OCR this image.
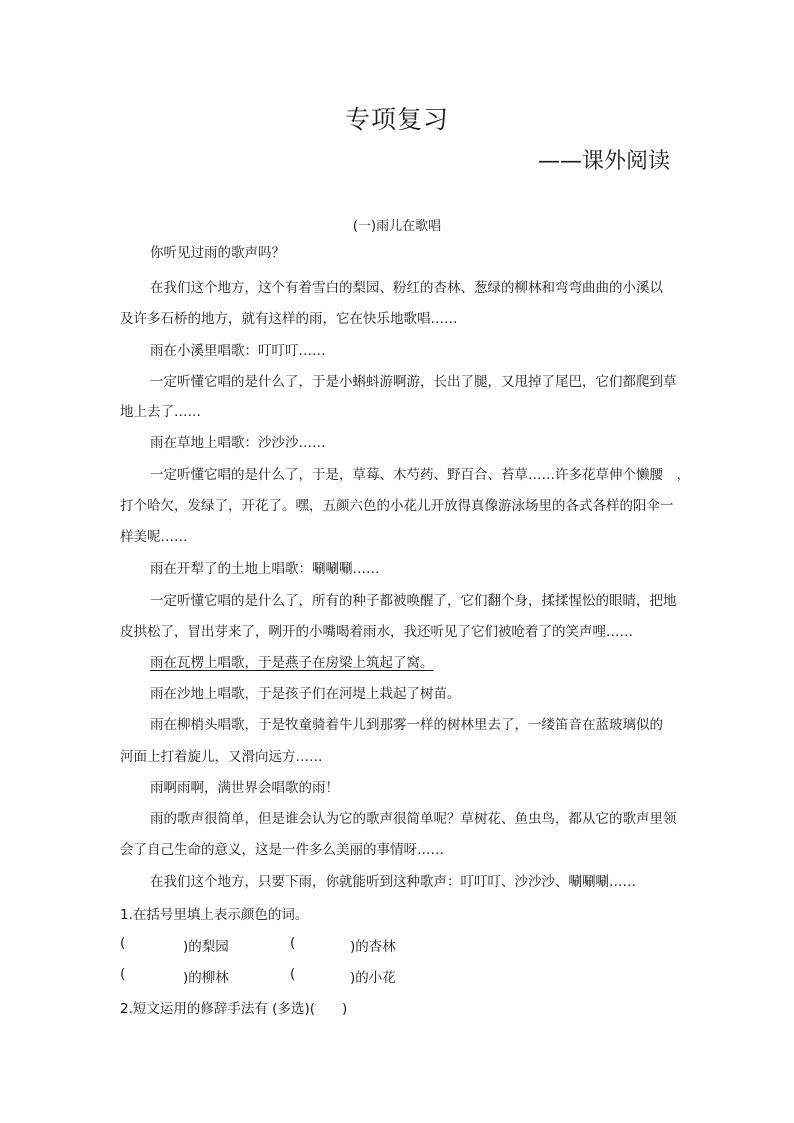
专项复习
——课外阅读
(一)雨儿在歌唱
你听见过雨的歌声吗？
在我们这个地方，这个有着雪白的梨园、粉红的杏林、葱绿的柳林和弯弯曲曲的小溪以
及许多石桥的地方，就有这样的雨，它在快乐地歌唱……
雨在小溪里唱歌：叮叮叮……
一定听懂它唱的是什么了，于是小蝌蚪游啊游，长出了腿，又甩掉了尾巴，它们都爬到草
地上去了……
雨在草地上唱歌：沙沙沙……
一定听懂它唱的是什么了，于是，草莓、木芍药、野百合、苔草……许多花草伸个懒腰　，
打个哈欠，发绿了，开花了。嘿，五颜六色的小花儿开放得真像游泳场里的各式各样的阳伞一
样美呢……
雨在开犁了的土地上唱歌：唰唰唰……
一定听懂它唱的是什么了，所有的种子都被唤醒了，它们翻个身，揉揉惺忪的眼睛，把地
皮拱松了，冒出芽来了，咧开的小嘴喝着雨水，我还听见了它们被呛着了的笑声哩……
雨在瓦楞上唱歌，于是燕子在房梁上筑起了窝。
雨在沙地上唱歌，于是孩子们在河堤上栽起了树苗。
雨在柳梢头唱歌，于是牧童骑着牛儿到那雾一样的树林里去了，一缕笛音在蓝玻璃似的
河面上打着旋儿，又滑向远方……
雨啊雨啊，满世界会唱歌的雨！
雨的歌声很简单，但是谁会认为它的歌声很简单呢？草树花、鱼虫鸟，都从它的歌声里领
会了自己生命的意义，这是一件多么美丽的事情呀……
在我们这个地方，只要下雨，你就能听到这种歌声：叮叮叮、沙沙沙、唰唰唰……
1.在括号里填上表示颜色的词。
(	)的梨园	(	)的杏林
(	)的柳林	(	)的小花
2.短文运用的修辞手法有 (多选)(　　)
